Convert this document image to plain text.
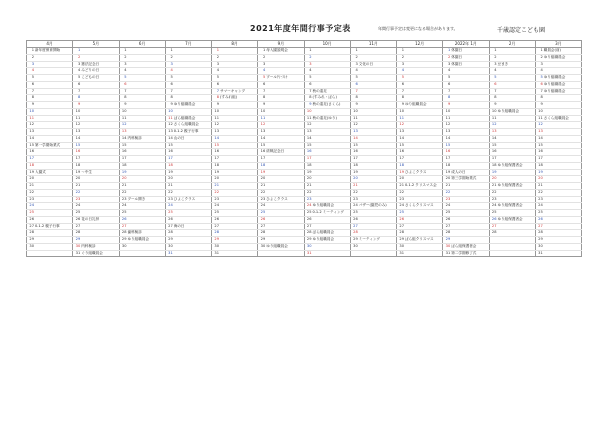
2021年度年間行事予定表	年間行事予定は変更になる場合があります。	千歳認定こども園
4月	5月	6月	7月	8月	9月	10月	11月	12月	2022年 1月	2月	3月
1新年度保育開始	1	1	1	1	1母入園説明会	1	1	1	1休園日	1	1職員会(前)
2	2	2	2	2	2	2	2	2	2休園日	2	2ゆり組職員会
3	3憲法記念日	3	3	3	3	3	3文化の日	3	3休園日	3豆まき	3
4	4みどりの日	4	4	4	4	4	4	4	4	4	4
5	5こどもの日	5	5	5	5プール片づけ	5	5	5	5	5	5ゆり組職員会
6	6	6	6	6	6	6	6	6	6	6	6ゆり組職員会
7	7	7	7	7サマーキャンプ	7	7秋の遠足	7	7	7	7	7ゆり組職員会
8	8	8	8	8(すみれ組)	8	8(すみれ・ばら)	8	8	8	8	8
9	9	9	9ゆり組職員会	9	9	9秋の遠足(さくら)	9	9ゆり組職員会	9	9	9
10	10	10	10	10	10	10	10	10	10	10ゆり組職員会	10
11	11	11	11ばら組職員会	11	11	11秋の遠足(ゆり)	11	11	11	11	11さくら組職員会
12	12	12	12さくら組職員会	12	12	12	12	12	12	12	12
13	13	13	130.1.2 親子行事	13	13	13	13	13	13	13	13
14	14	14内科検診	14山の日	14	14	14	14	14	14	14	14
15第一学期始業式	15	15	15	15	15	15	15	15	15	15	15
16	16	16	16	16	16終戦記念日	16	16	16	16	16	16
17	17	17	17	17	17	17	17	17	17	17	17
18	18	18	18	18	18	18	18	18	18	18ゆり組保護者会	18
19入園式	19〜中生	19	19	19	19	19	19	19ひよこクラス	19成人の日	19	19
20	20	20	20	20	20	20	20	20	20第三学期始業式	20	20
21	21	21	21	21	21	21	21	210.1.2 クリスマス会	21	21ゆり組保護者会	21
22	22	22	22	22	22	22	22	22	22	22	22
23	23	23プール開き	23ひよこクラス	23	23ひよこクラス	23	23	23	23	23	23
24	24	24	24	24	24	24ゆり組職員会	24バザー(園児のみ)	24さくらクリスマス	24	24ゆり組保護者会	24
25	25	25	25	25	25	250.1.2 ミーティング	25	25	25	25	25
26	26花の日礼拝	26	26	26	26	26	26	26	26	26ゆり組保護者会	26
270.1.2 親子行事	27	27	27海の日	27	27	27	27	27	27	27	27
28	28	28歯科検診	28	28	28	28ばら組職員会	28	28	28	28	28
29	29	29ゆり組職員会	29	29	29	29ゆり組職員会	29ミーティング	29ばら組クリスマス	29		29
30	30内科検診	30	30	30	30ゆり組職員会	30	30	30	30ばら組保護者会		30
	31ぐり組職員会		31	31		31		31	31第二学期修了式		31
